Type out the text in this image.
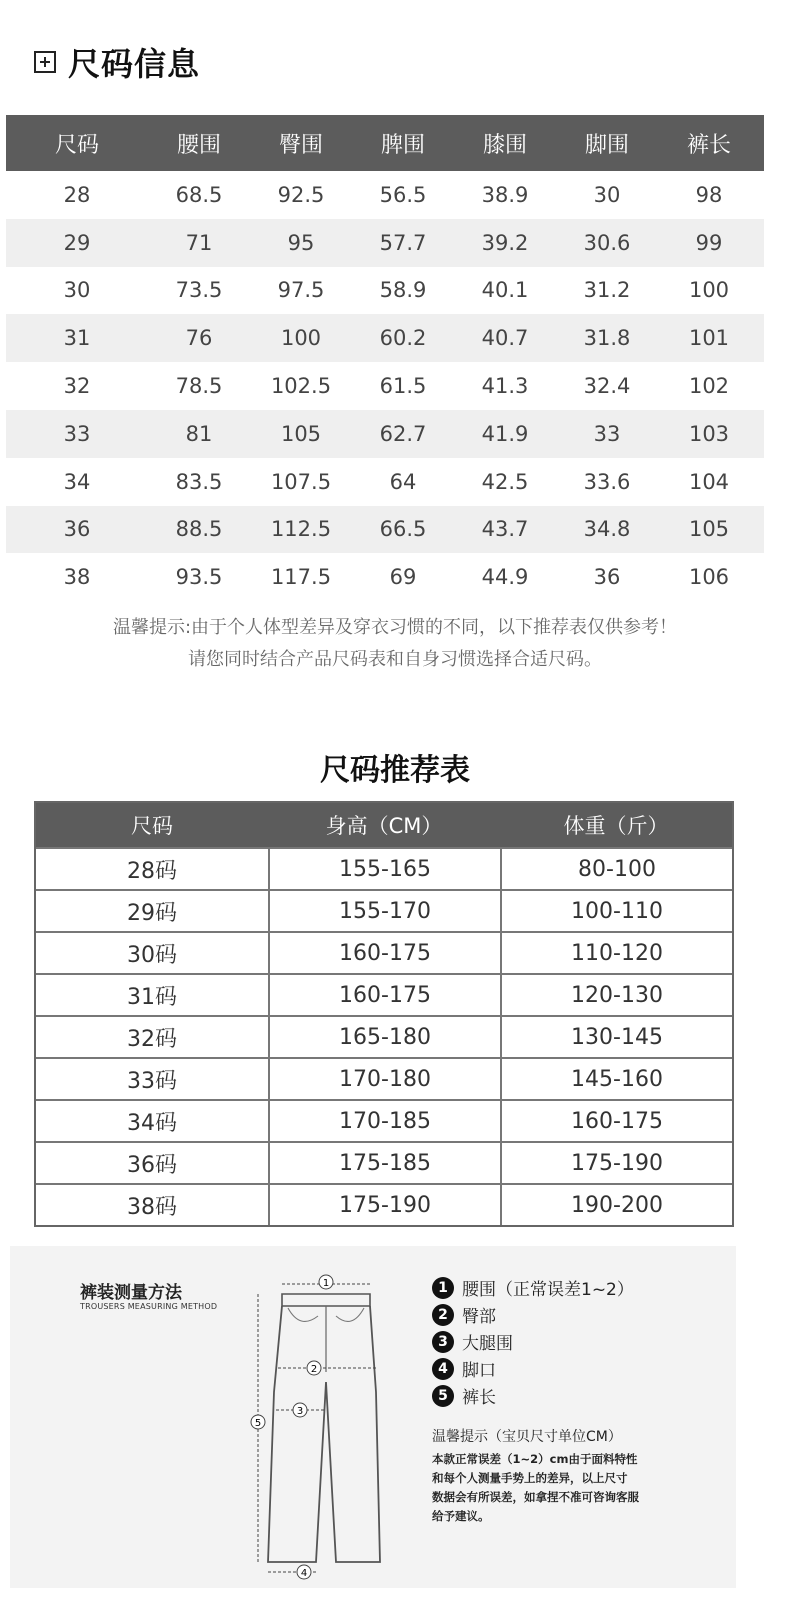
尺码信息
尺码	腰围	臀围	脾围	膝围	脚围	裤长
28	68.5	92.5	56.5	38.9	30	98
29	71	95	57.7	39.2	30.6	99
30	73.5	97.5	58.9	40.1	31.2	100
31	76	100	60.2	40.7	31.8	101
32	78.5	102.5	61.5	41.3	32.4	102
33	81	105	62.7	41.9	33	103
34	83.5	107.5	64	42.5	33.6	104
36	88.5	112.5	66.5	43.7	34.8	105
38	93.5	117.5	69	44.9	36	106
温馨提示:由于个人体型差异及穿衣习惯的不同，以下推荐表仅供参考！
请您同时结合产品尺码表和自身习惯选择合适尺码。
尺码推荐表
尺码	身高（CM）	体重（斤）
28码	155-165	80-100
29码	155-170	100-110
30码	160-175	110-120
31码	160-175	120-130
32码	165-180	130-145
33码	170-180	145-160
34码	170-185	160-175
36码	175-185	175-190
38码	175-190	190-200
裤装测量方法
TROUSERS MEASURING METHOD
1
2
3
4
5
1 腰围（正常误差1~2）
2 臀部
3 大腿围
4 脚口
5 裤长
温馨提示（宝贝尺寸单位CM）
本款正常误差（1~2）cm由于面料特性
和每个人测量手势上的差异，以上尺寸
数据会有所误差，如拿捏不准可咨询客服
给予建议。
